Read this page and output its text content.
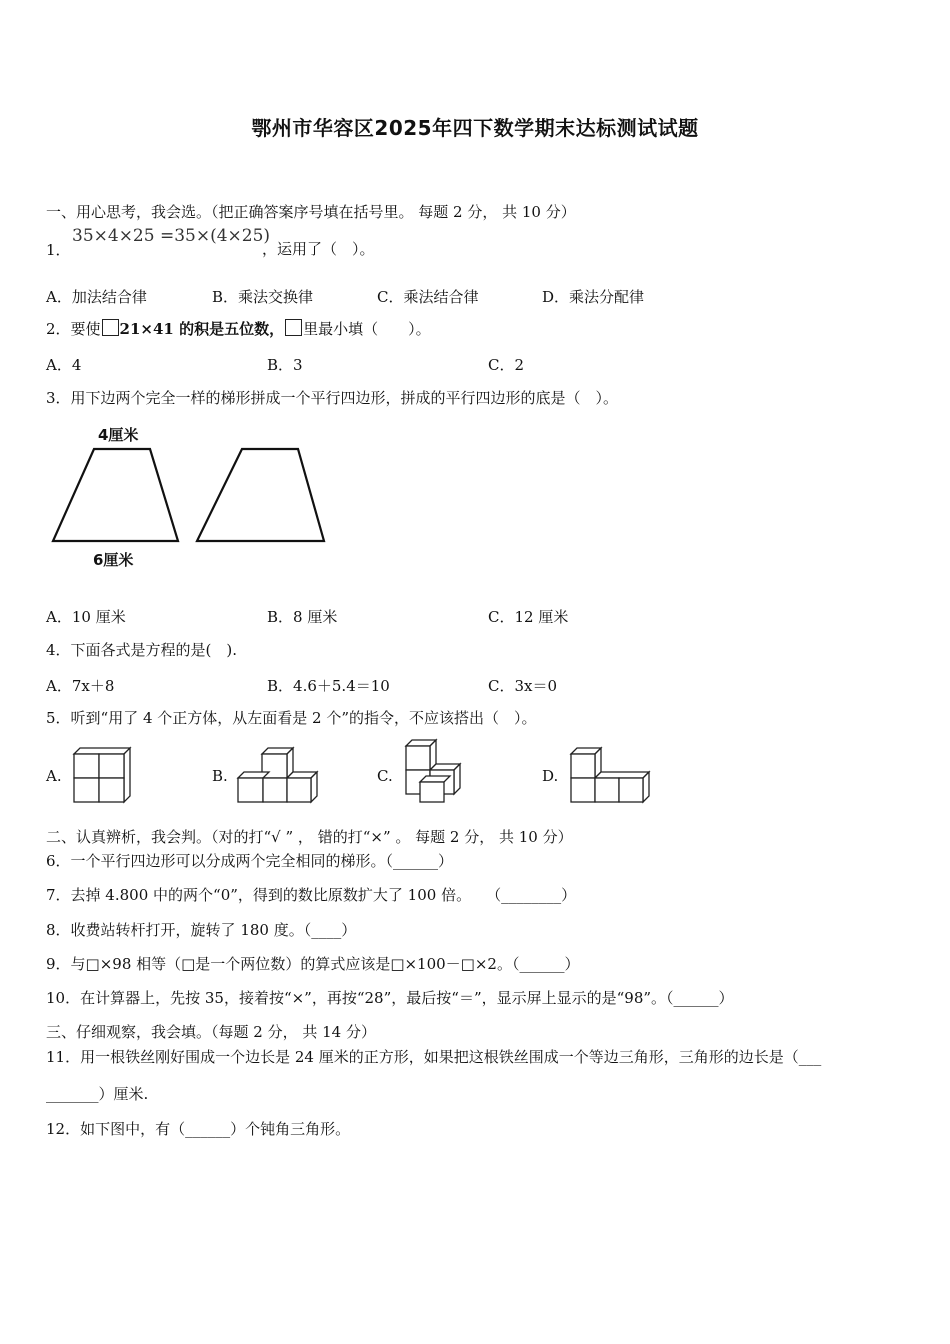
鄂州市华容区2025年四下数学期末达标测试试题
一、用心思考，我会选。（把正确答案序号填在括号里。 每题 2 分， 共 10 分）
1．
35×4×25 =35×(4×25)
，运用了（　）。
A．加法结合律	B．乘法交换律	C．乘法结合律	D．乘法分配律
2．要使 21×41 的积是五位数， 里最小填（　　）。
A．4	B．3	C．2
3．用下边两个完全一样的梯形拼成一个平行四边形，拼成的平行四边形的底是（　）。
4厘米
6厘米
A．10 厘米	B．8 厘米	C．12 厘米
4．下面各式是方程的是(　).
A．7x＋8	B．4.6＋5.4＝10	C．3x＝0
5．听到“用了 4 个正方体，从左面看是 2 个”的指令，不应该搭出（　）。
A.	B.	C.	D.
二、认真辨析，我会判。（对的打“√ ” ， 错的打“×” 。 每题 2 分， 共 10 分）
6．一个平行四边形可以分成两个完全相同的梯形。（______）
7．去掉 4.800 中的两个“0”，得到的数比原数扩大了 100 倍。　　（________）
8．收费站转杆打开，旋转了 180 度。（____）
9．与□×98 相等（□是一个两位数）的算式应该是□×100－□×2。（______）
10．在计算器上，先按 35，接着按“×”，再按“28”，最后按“＝”，显示屏上显示的是“98”。（______）
三、仔细观察，我会填。（每题 2 分， 共 14 分）
11．用一根铁丝刚好围成一个边长是 24 厘米的正方形，如果把这根铁丝围成一个等边三角形，三角形的边长是（___
_______）厘米.
12．如下图中，有（______）个钝角三角形。
